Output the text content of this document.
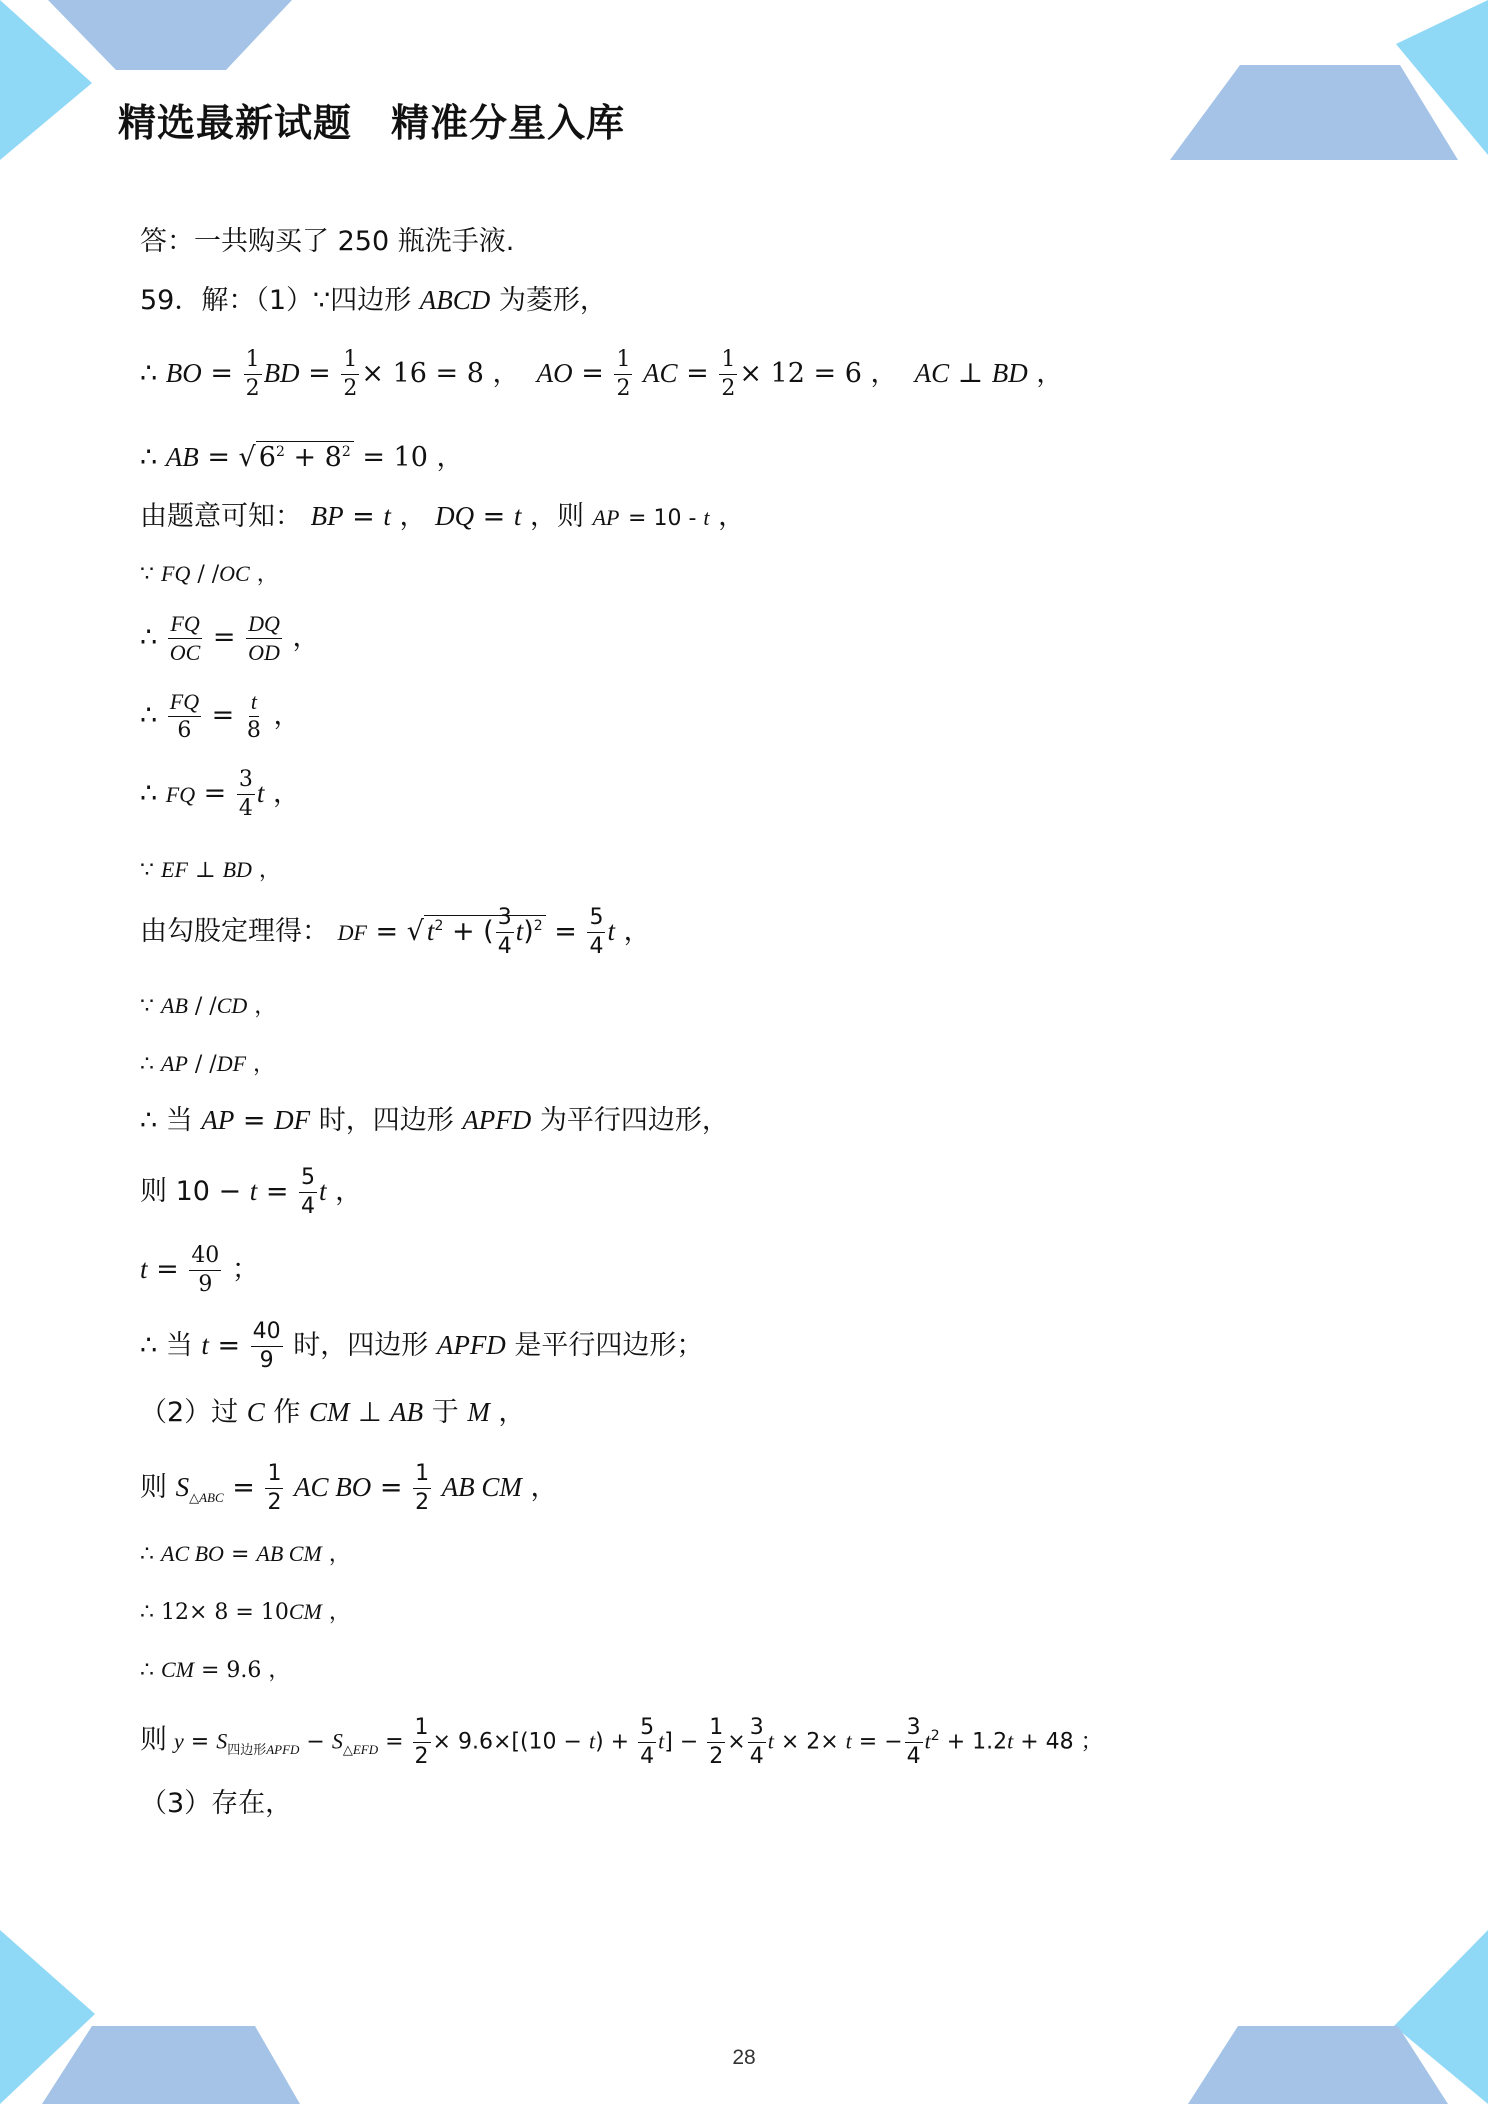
精选最新试题　精准分星入库
答：一共购买了 250 瓶洗手液.
59．解：（1）∵四边形 ABCD 为菱形，
∴ BO = $\frac{1}{2}$ BD = $\frac{1}{2} \times 16 = 8$ ，  AO = $\frac{1}{2}$ AC = $\frac{1}{2} \times 12 = 6$ ，  AC ⊥ BD ，
∴ AB = √ $6^2 + 8^2 = 10$ ，
由题意可知： BP = t ， DQ = t ，则 AP = 10 - t ，
∵ FQ / /OC ，
∴ $\frac{FQ}{OC} = \frac{DQ}{OD}$ ，
∴ $\frac{FQ}{6} = \frac{t}{8}$ ，
∴ FQ = $\frac{3}{4}$ t ，
∵ EF ⊥ BD ，
由勾股定理得： DF = √ $t^2$ + ( $\frac{3}{4} t)^2 = \frac{5}{4}$ t ，
∵ AB / /CD ，
∴ AP / /DF ，
∴ 当 AP = DF 时，四边形 APFD 为平行四边形，
则 $10 - t = \frac{5}{4}$ t ，
$t = \frac{40}{9}$ ；
∴ 当 $t = \frac{40}{9}$ 时，四边形 APFD 是平行四边形；
（2）过 C 作 CM ⊥ AB 于 M ，
则 $S_{\triangle ABC} = \frac{1}{2}$ AC BO = $\frac{1}{2}$ AB CM ，
∴ AC BO = AB CM ，
∴ 12× 8 = 10CM ，
∴ CM = 9.6 ，
则 $y = S_{四边形APFD} - S_{\triangle EFD} = \frac{1}{2} \times 9.6\times[(10 - t) + \frac{5}{4} t] - \frac{1}{2} \times \frac{3}{4}$ t × 2× t = − $\frac{3}{4} t^2 + 1.2t + 48$ ；
（3）存在，
28
